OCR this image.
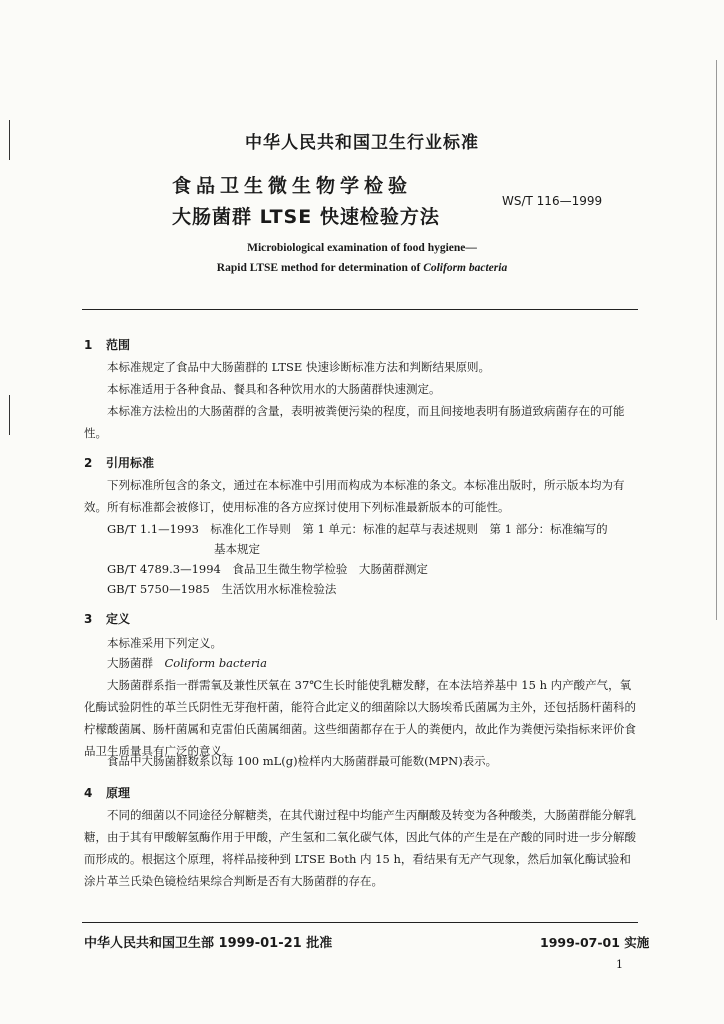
中华人民共和国卫生行业标准
食品卫生微生物学检验
大肠菌群 LTSE 快速检验方法
WS/T 116—1999
Microbiological examination of food hygiene—
Rapid LTSE method for determination of Coliform bacteria
1 范围
本标准规定了食品中大肠菌群的 LTSE 快速诊断标准方法和判断结果原则。
本标准适用于各种食品、餐具和各种饮用水的大肠菌群快速测定。
本标准方法检出的大肠菌群的含量，表明被粪便污染的程度，而且间接地表明有肠道致病菌存在的可能性。
2 引用标准
下列标准所包含的条文，通过在本标准中引用而构成为本标准的条文。本标准出版时，所示版本均为有效。所有标准都会被修订，使用标准的各方应探讨使用下列标准最新版本的可能性。
GB/T 1.1—1993　标准化工作导则　第 1 单元：标准的起草与表述规则　第 1 部分：标准编写的
基本规定
GB/T 4789.3—1994　食品卫生微生物学检验　大肠菌群测定
GB/T 5750—1985　生活饮用水标准检验法
3 定义
本标准采用下列定义。
大肠菌群　 Coliform bacteria
大肠菌群系指一群需氧及兼性厌氧在 37℃生长时能使乳糖发酵，在本法培养基中 15 h 内产酸产气，氧化酶试验阴性的革兰氏阴性无芽孢杆菌，能符合此定义的细菌除以大肠埃希氏菌属为主外，还包括肠杆菌科的柠檬酸菌属、肠杆菌属和克雷伯氏菌属细菌。这些细菌都存在于人的粪便内，故此作为粪便污染指标来评价食品卫生质量具有广泛的意义。
食品中大肠菌群数系以每 100 mL(g)检样内大肠菌群最可能数(MPN)表示。
4 原理
不同的细菌以不同途径分解糖类，在其代谢过程中均能产生丙酮酸及转变为各种酸类，大肠菌群能分解乳糖，由于其有甲酸解氢酶作用于甲酸，产生氢和二氧化碳气体，因此气体的产生是在产酸的同时进一步分解酸而形成的。根据这个原理，将样品接种到 LTSE Both 内 15 h，看结果有无产气现象，然后加氧化酶试验和涂片革兰氏染色镜检结果综合判断是否有大肠菌群的存在。
中华人民共和国卫生部 1999-01-21 批准	1999-07-01 实施
1
